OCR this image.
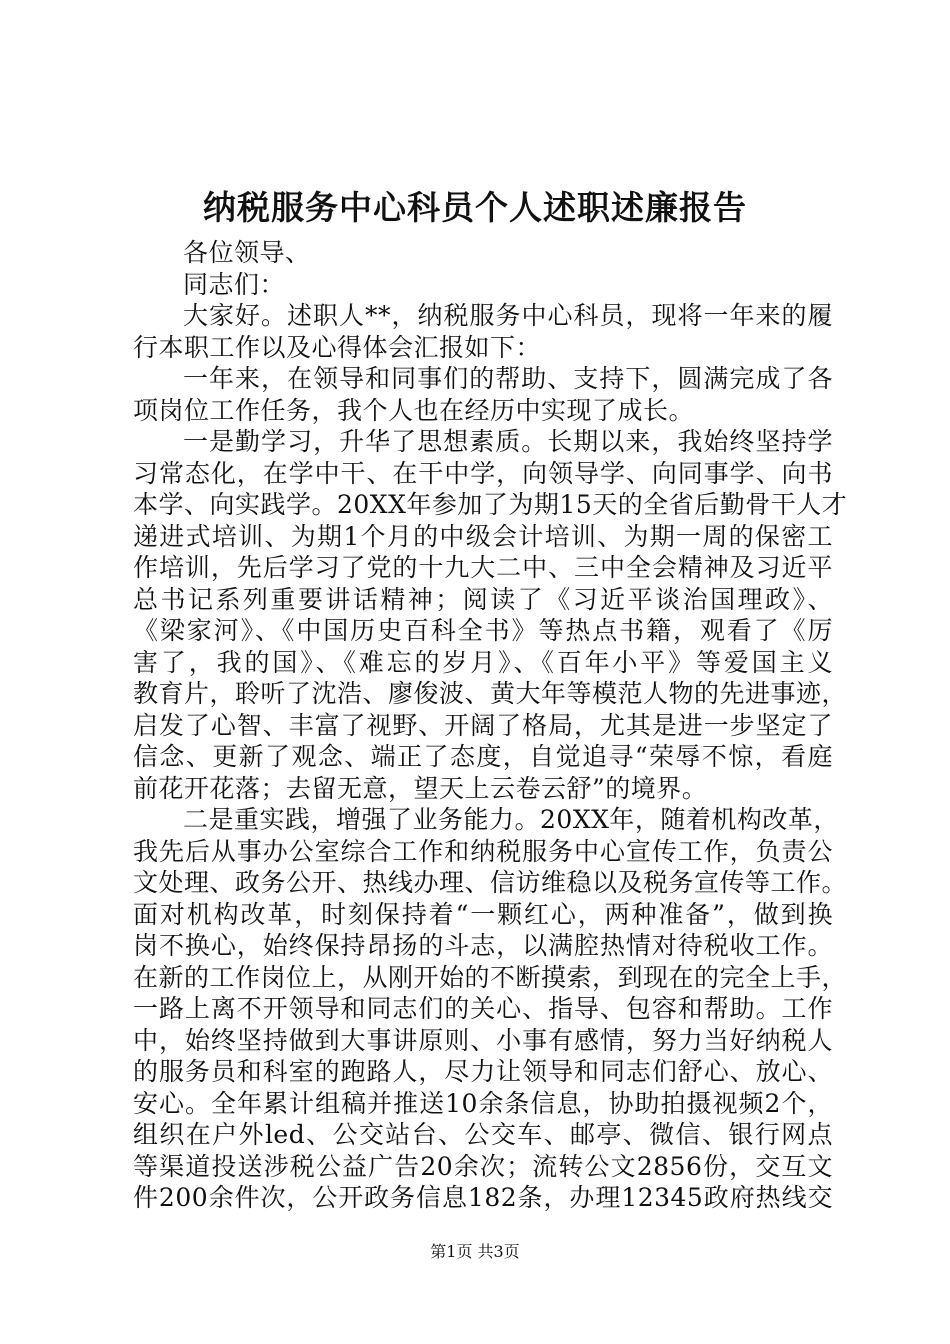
纳税服务中心科员个人述职述廉报告
各位领导、
同志们：
大家好。述职人**，纳税服务中心科员，现将一年来的履
行本职工作以及心得体会汇报如下：
一年来，在领导和同事们的帮助、支持下，圆满完成了各
项岗位工作任务，我个人也在经历中实现了成长。
一是勤学习，升华了思想素质。长期以来，我始终坚持学
习常态化，在学中干、在干中学，向领导学、向同事学、向书
本学、向实践学。20XX年参加了为期15天的全省后勤骨干人才
递进式培训、为期1个月的中级会计培训、为期一周的保密工
作培训，先后学习了党的十九大二中、三中全会精神及习近平
总书记系列重要讲话精神；阅读了《习近平谈治国理政》、
《梁家河》、《中国历史百科全书》等热点书籍，观看了《厉
害了，我的国》、《难忘的岁月》、《百年小平》等爱国主义
教育片，聆听了沈浩、廖俊波、黄大年等模范人物的先进事迹，
启发了心智、丰富了视野、开阔了格局，尤其是进一步坚定了
信念、更新了观念、端正了态度，自觉追寻“荣辱不惊，看庭
前花开花落；去留无意，望天上云卷云舒”的境界。
二是重实践，增强了业务能力。20XX年，随着机构改革，
我先后从事办公室综合工作和纳税服务中心宣传工作，负责公
文处理、政务公开、热线办理、信访维稳以及税务宣传等工作。
面对机构改革，时刻保持着“一颗红心，两种准备”，做到换
岗不换心，始终保持昂扬的斗志，以满腔热情对待税收工作。
在新的工作岗位上，从刚开始的不断摸索，到现在的完全上手，
一路上离不开领导和同志们的关心、指导、包容和帮助。工作
中，始终坚持做到大事讲原则、小事有感情，努力当好纳税人
的服务员和科室的跑路人，尽力让领导和同志们舒心、放心、
安心。全年累计组稿并推送10余条信息，协助拍摄视频2个，
组织在户外led、公交站台、公交车、邮亭、微信、银行网点
等渠道投送涉税公益广告20余次；流转公文2856份，交互文
件200余件次，公开政务信息182条，办理12345政府热线交
第1页 共3页
